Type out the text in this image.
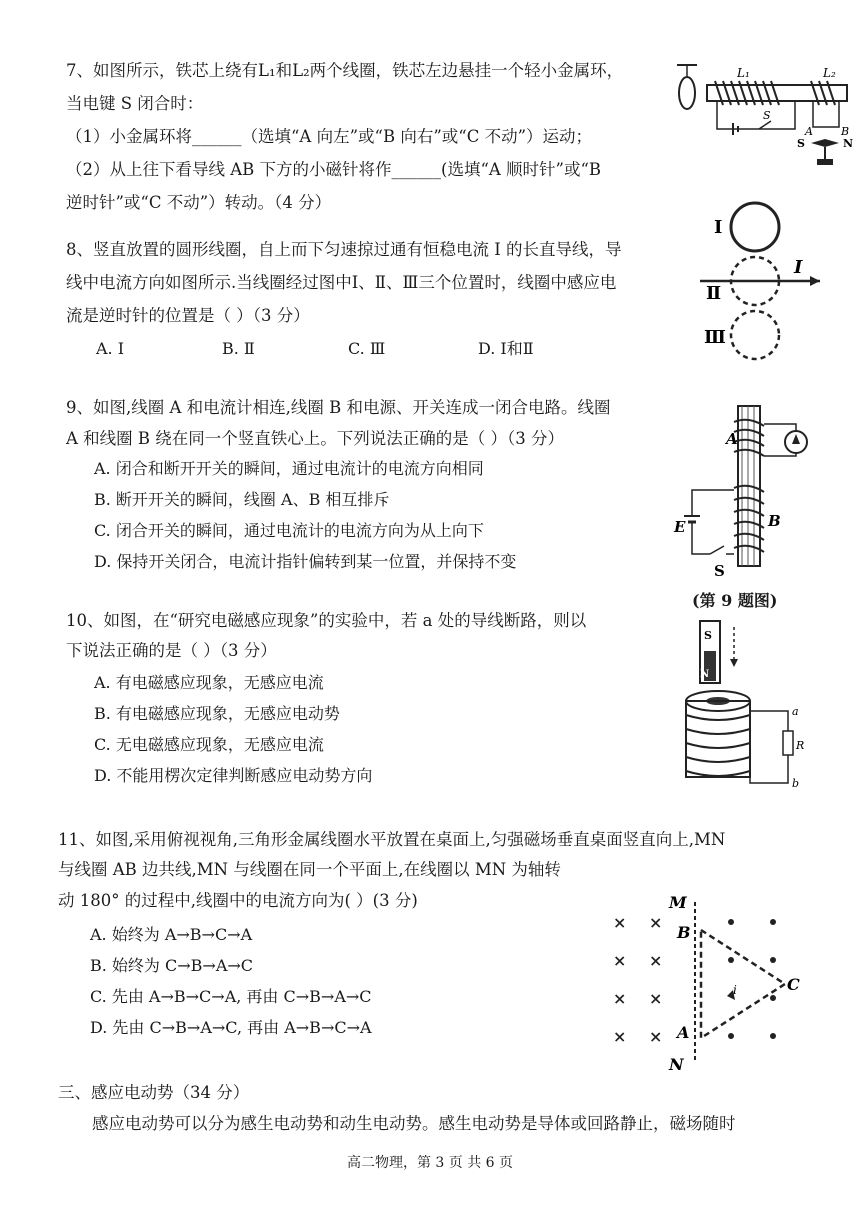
7、如图所示，铁芯上绕有L₁和L₂两个线圈，铁芯左边悬挂一个轻小金属环，
当电键 S 闭合时：
（1）小金属环将______（选填“A 向左”或“B 向右”或“C 不动”）运动；
（2）从上往下看导线 AB 下方的小磁针将作______(选填“A 顺时针”或“B
逆时针”或“C 不动”）转动。（4 分）
L₁	L₂
S
A	B
S	N
8、竖直放置的圆形线圈，自上而下匀速掠过通有恒稳电流 I 的长直导线，导
线中电流方向如图所示.当线圈经过图中Ⅰ、Ⅱ、Ⅲ三个位置时，线圈中感应电
流是逆时针的位置是（ ）（3 分）
A. Ⅰ	B. Ⅱ	C. Ⅲ	D. Ⅰ和Ⅱ
Ⅰ
Ⅱ
Ⅲ
I
9、如图,线圈 A 和电流计相连,线圈 B 和电源、开关连成一闭合电路。线圈
A 和线圈 B 绕在同一个竖直铁心上。下列说法正确的是（ ）（3 分）
A. 闭合和断开开关的瞬间，通过电流计的电流方向相同
B. 断开开关的瞬间，线圈 A、B 相互排斥
C. 闭合开关的瞬间，通过电流计的电流方向为从上向下
D. 保持开关闭合，电流计指针偏转到某一位置，并保持不变
A
B
E
S
(第 9 题图)
10、如图，在“研究电磁感应现象”的实验中，若 a 处的导线断路，则以
下说法正确的是（ ）（3 分）
A. 有电磁感应现象，无感应电流
B. 有电磁感应现象，无感应电动势
C. 无电磁感应现象，无感应电流
D. 不能用楞次定律判断感应电动势方向
S
N
a
R
b
11、如图,采用俯视视角,三角形金属线圈水平放置在桌面上,匀强磁场垂直桌面竖直向上,MN
与线圈 AB 边共线,MN 与线圈在同一个平面上,在线圈以 MN 为轴转
动 180° 的过程中,线圈中的电流方向为( ）(3 分)
A. 始终为 A→B→C→A
B. 始终为 C→B→A→C
C. 先由 A→B→C→A, 再由 C→B→A→C
D. 先由 C→B→A→C, 再由 A→B→C→A
× ×
× ×
× ×
× ×
M
N
B
A
C
i
三、感应电动势（34 分）
感应电动势可以分为感生电动势和动生电动势。感生电动势是导体或回路静止，磁场随时
高二物理，第 3 页 共 6 页
